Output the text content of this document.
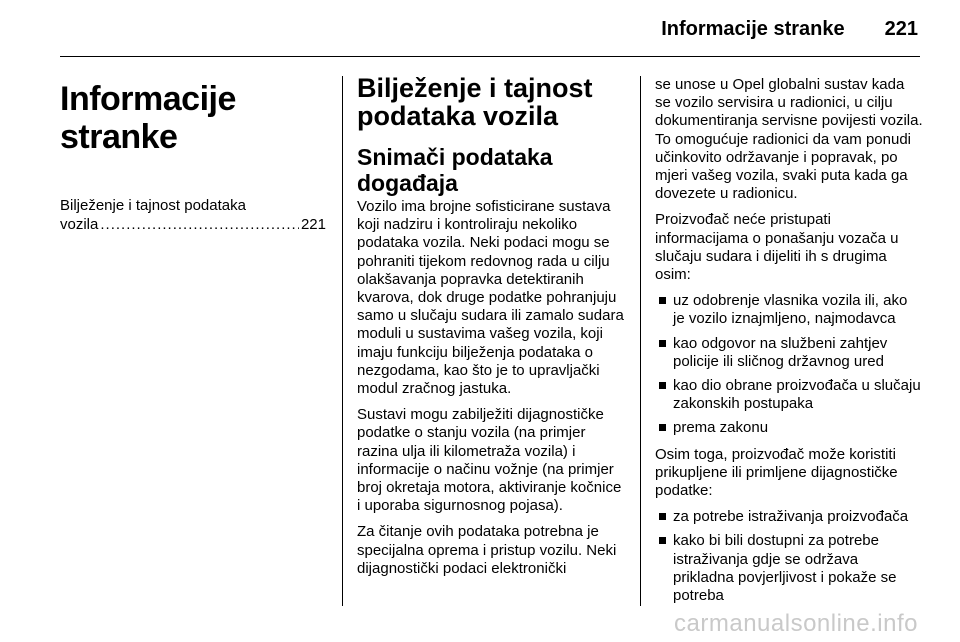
Informacije stranke 221
Informacije stranke
Bilježenje i tajnost podataka
vozila
.....	221
Bilježenje i tajnost
podataka vozila
Snimači podataka
događaja

Vozilo ima brojne sofisticirane sustava koji nadziru i kontroliraju nekoliko podataka vozila. Neki podaci mogu se pohraniti tijekom redovnog rada u cilju olakšavanja popravka detektiranih kvarova, dok druge podatke pohranjuju samo u slučaju sudara ili zamalo sudara moduli u sustavima vašeg vozila, koji imaju funkciju bilježenja podataka o nezgodama, kao što je to upravljački modul zračnog jastuka.

Sustavi mogu zabilježiti dijagnostičke podatke o stanju vozila (na primjer razina ulja ili kilometraža vozila) i informacije o načinu vožnje (na primjer broj okretaja motora, aktiviranje kočnice i uporaba sigurnosnog pojasa).

Za čitanje ovih podataka potrebna je specijalna oprema i pristup vozilu. Neki dijagnostički podaci elektronički

se unose u Opel globalni sustav kada se vozilo servisira u radionici, u cilju dokumentiranja servisne povijesti vozila. To omogućuje radionici da vam ponudi učinkovito održavanje i popravak, po mjeri vašeg vozila, svaki puta kada ga dovezete u radionicu.

Proizvođač neće pristupati informacijama o ponašanju vozača u slučaju sudara i dijeliti ih s drugima osim:

uz odobrenje vlasnika vozila ili, ako je vozilo iznajmljeno, najmodavca
kao odgovor na službeni zahtjev policije ili sličnog državnog ured
kao dio obrane proizvođača u slučaju zakonskih postupaka
prema zakonu

Osim toga, proizvođač može koristiti prikupljene ili primljene dijagnostičke podatke:

za potrebe istraživanja proizvođača
kako bi bili dostupni za potrebe istraživanja gdje se održava prikladna povjerljivost i pokaže se potreba
carmanualsonline.info
